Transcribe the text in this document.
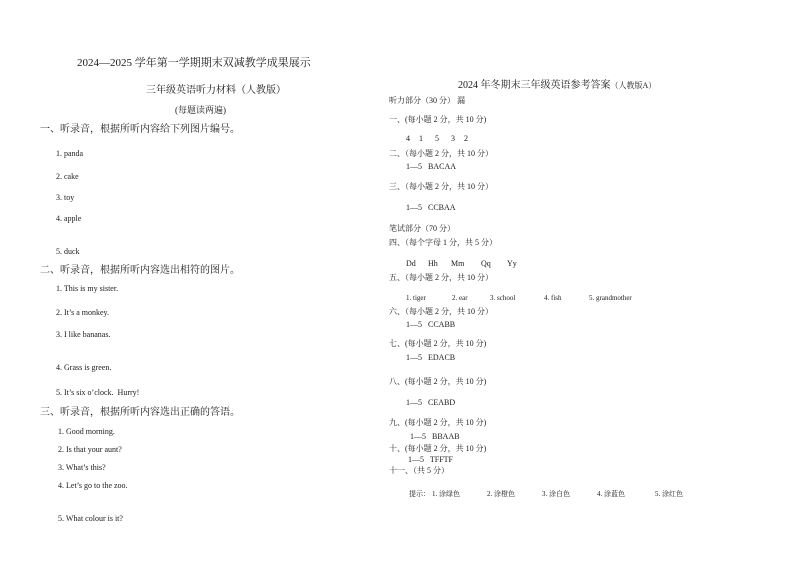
2024—2025 学年第一学期期末双减教学成果展示
三年级英语听力材料（人教版）
(每题读两遍)
一、听录音，根据所听内容给下列图片编号。
1. panda
2. cake
3. toy
4. apple
5. duck
二、听录音，根据所听内容选出相符的图片。
1. This is my sister.
2. It’s a monkey.
3. I like bananas.
4. Grass is green.
5. It’s six o’clock.  Hurry!
三、听录音，根据所听内容选出正确的答语。
1. Good morning.
2. Is that your aunt?
3. What’s this?
4. Let’s go to the zoo.
5. What colour is it?

2024 年冬期末三年级英语参考答案（人教版A）

听力部分（30 分） 漏
一、(每小题 2 分，共 10 分)
4 1 5 3 2
二、（每小题 2 分，共 10 分）
1—5   BACAA
三、（每小题 2 分，共 10 分）
1—5   CCBAA
笔试部分（70 分）
四、（每个字母 1 分，共 5 分）
Dd Hh Mm Qq Yy
五、（每小题 2 分，共 10 分）
1. tiger	2. ear	3. school	4. fish	5. grandmother
六、（每小题 2 分，共 10 分）
1—5   CCABB
七、(每小题 2 分，共 10 分)
1—5   EDACB
八、(每小题 2 分，共 10 分)
1—5   CEABD
九、(每小题 2 分，共 10 分)
1—5   BBAAB
十、(每小题 2 分，共 10 分)
1—5   TFFTF
十一、（共 5 分）
提示： 1. 涂绿色	2. 涂橙色	3. 涂白色	4. 涂蓝色	5. 涂红色
